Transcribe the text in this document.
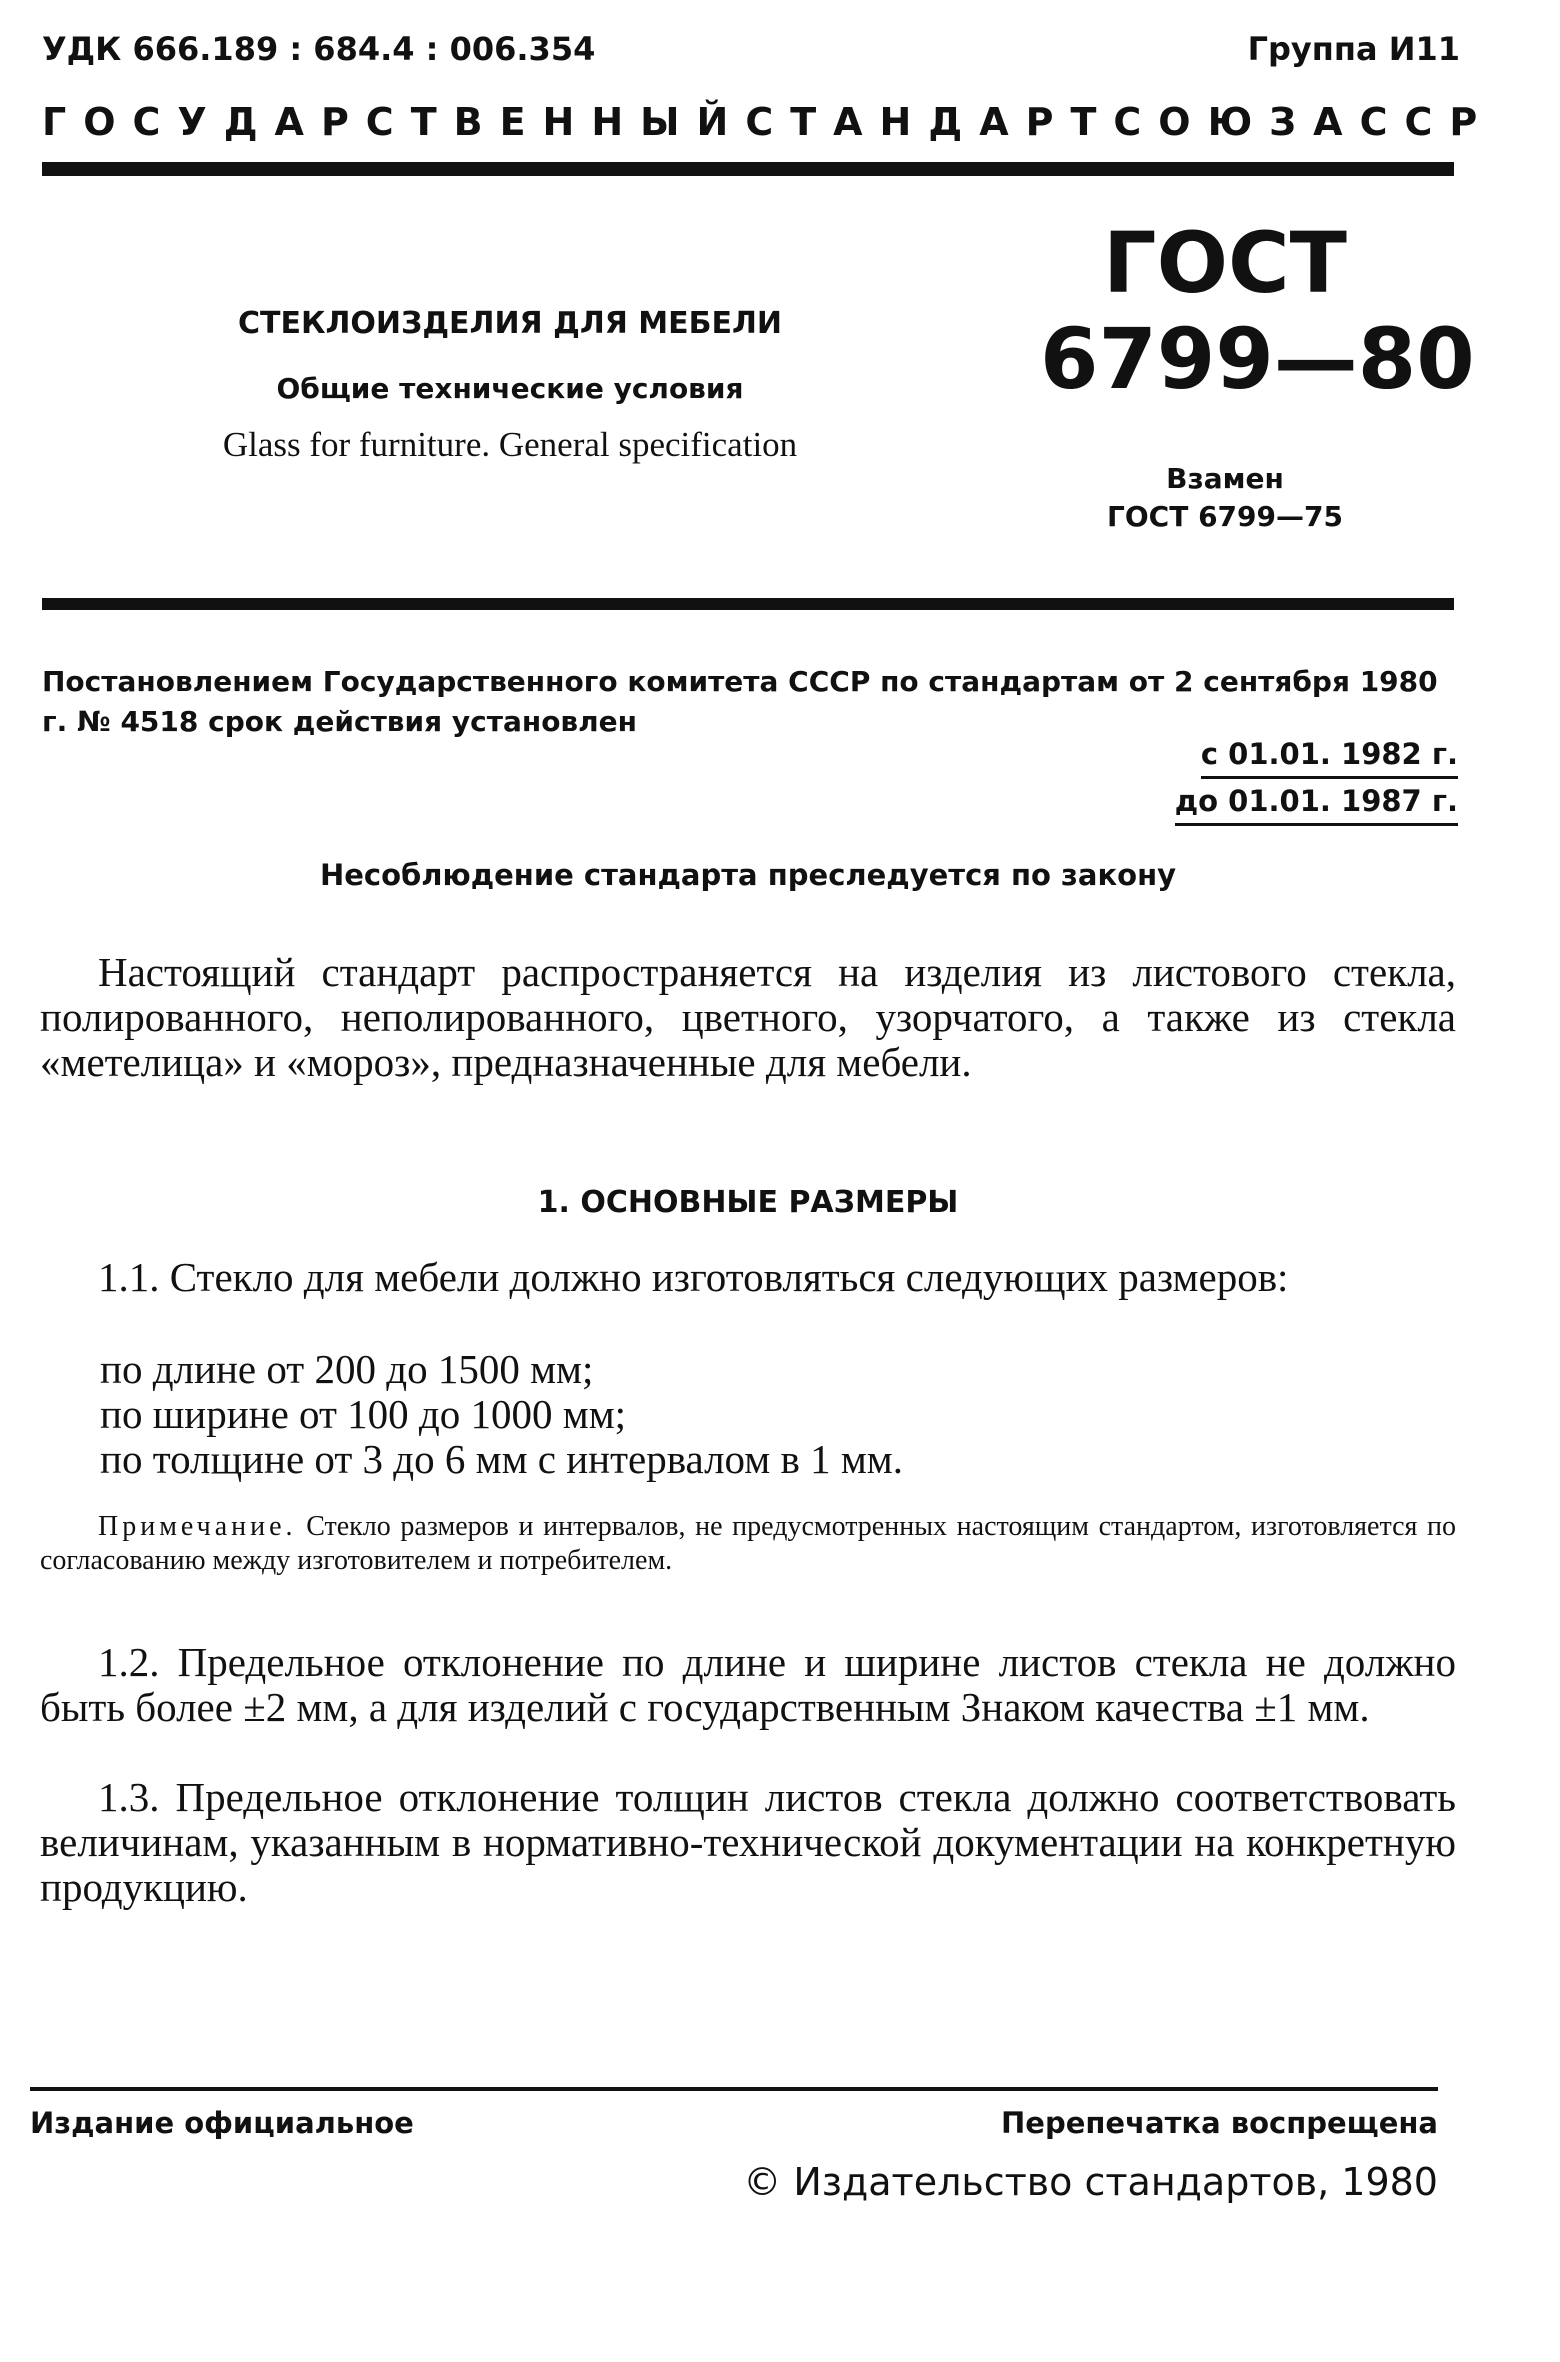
УДК 666.189 : 684.4 : 006.354	Группа И11
ГОСУДАРСТВЕННЫЙ СТАНДАРТ СОЮЗА ССР
СТЕКЛОИЗДЕЛИЯ ДЛЯ МЕБЕЛИ
Общие технические условия
Glass for furniture. General specification
ГОСТ
6799—80
Взамен
ГОСТ 6799—75
Постановлением Государственного комитета СССР по стандартам от 2 сентября 1980 г. № 4518 срок действия установлен
с 01.01. 1982 г.
до 01.01. 1987 г.
Несоблюдение стандарта преследуется по закону
Настоящий стандарт распространяется на изделия из листового стекла, полированного, неполированного, цветного, узорчатого, а также из стекла «метелица» и «мороз», предназначенные для мебели.
1. ОСНОВНЫЕ РАЗМЕРЫ
1.1. Стекло для мебели должно изготовляться следующих размеров:
по длине от 200 до 1500 мм;
по ширине от 100 до 1000 мм;
по толщине от 3 до 6 мм с интервалом в 1 мм.
Примечание. Стекло размеров и интервалов, не предусмотренных настоящим стандартом, изготовляется по согласованию между изготовителем и потребителем.
1.2. Предельное отклонение по длине и ширине листов стекла не должно быть более ±2 мм, а для изделий с государственным Знаком качества ±1 мм.
1.3. Предельное отклонение толщин листов стекла должно соответствовать величинам, указанным в нормативно-технической документации на конкретную продукцию.
Издание официальное	Перепечатка воспрещена
© Издательство стандартов, 1980
